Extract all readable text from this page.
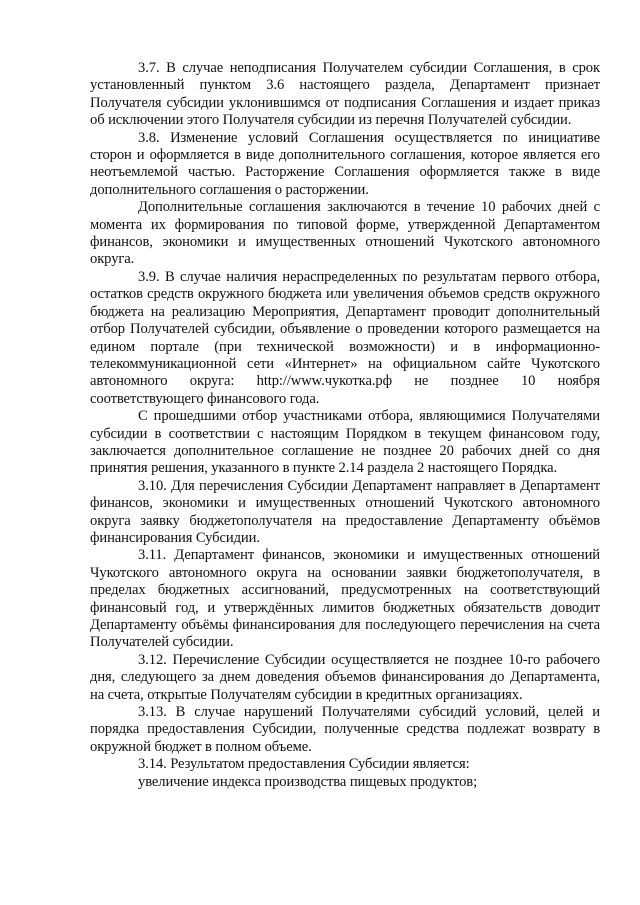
3.7. В случае неподписания Получателем субсидии Соглашения, в срок установленный пунктом 3.6 настоящего раздела, Департамент признает Получателя субсидии уклонившимся от подписания Соглашения и издает приказ об исключении этого Получателя субсидии из перечня Получателей субсидии.

3.8. Изменение условий Соглашения осуществляется по инициативе сторон и оформляется в виде дополнительного соглашения, которое является его неотъемлемой частью. Расторжение Соглашения оформляется также в виде дополнительного соглашения о расторжении.

Дополнительные соглашения заключаются в течение 10 рабочих дней с момента их формирования по типовой форме, утвержденной Департаментом финансов, экономики и имущественных отношений Чукотского автономного округа.

3.9. В случае наличия нераспределенных по результатам первого отбора, остатков средств окружного бюджета или увеличения объемов средств окружного бюджета на реализацию Мероприятия, Департамент проводит дополнительный отбор Получателей субсидии, объявление о проведении которого размещается на едином портале (при технической возможности) и в информационно-телекоммуникационной сети «Интернет» на официальном сайте Чукотского автономного округа: http://www.чукотка.рф не позднее 10 ноября соответствующего финансового года.

С прошедшими отбор участниками отбора, являющимися Получателями субсидии в соответствии с настоящим Порядком в текущем финансовом году, заключается дополнительное соглашение не позднее 20 рабочих дней со дня принятия решения, указанного в пункте 2.14 раздела 2 настоящего Порядка.

3.10. Для перечисления Субсидии Департамент направляет в Департамент финансов, экономики и имущественных отношений Чукотского автономного округа заявку бюджетополучателя на предоставление Департаменту объёмов финансирования Субсидии.

3.11. Департамент финансов, экономики и имущественных отношений Чукотского автономного округа на основании заявки бюджетополучателя, в пределах бюджетных ассигнований, предусмотренных на соответствующий финансовый год, и утверждённых лимитов бюджетных обязательств доводит Департаменту объёмы финансирования для последующего перечисления на счета Получателей субсидии.

3.12. Перечисление Субсидии осуществляется не позднее 10-го рабочего дня, следующего за днем доведения объемов финансирования до Департамента, на счета, открытые Получателям субсидии в кредитных организациях.

3.13. В случае нарушений Получателями субсидий условий, целей и порядка предоставления Субсидии, полученные средства подлежат возврату в окружной бюджет в полном объеме.

3.14. Результатом предоставления Субсидии является:

увеличение индекса производства пищевых продуктов;
